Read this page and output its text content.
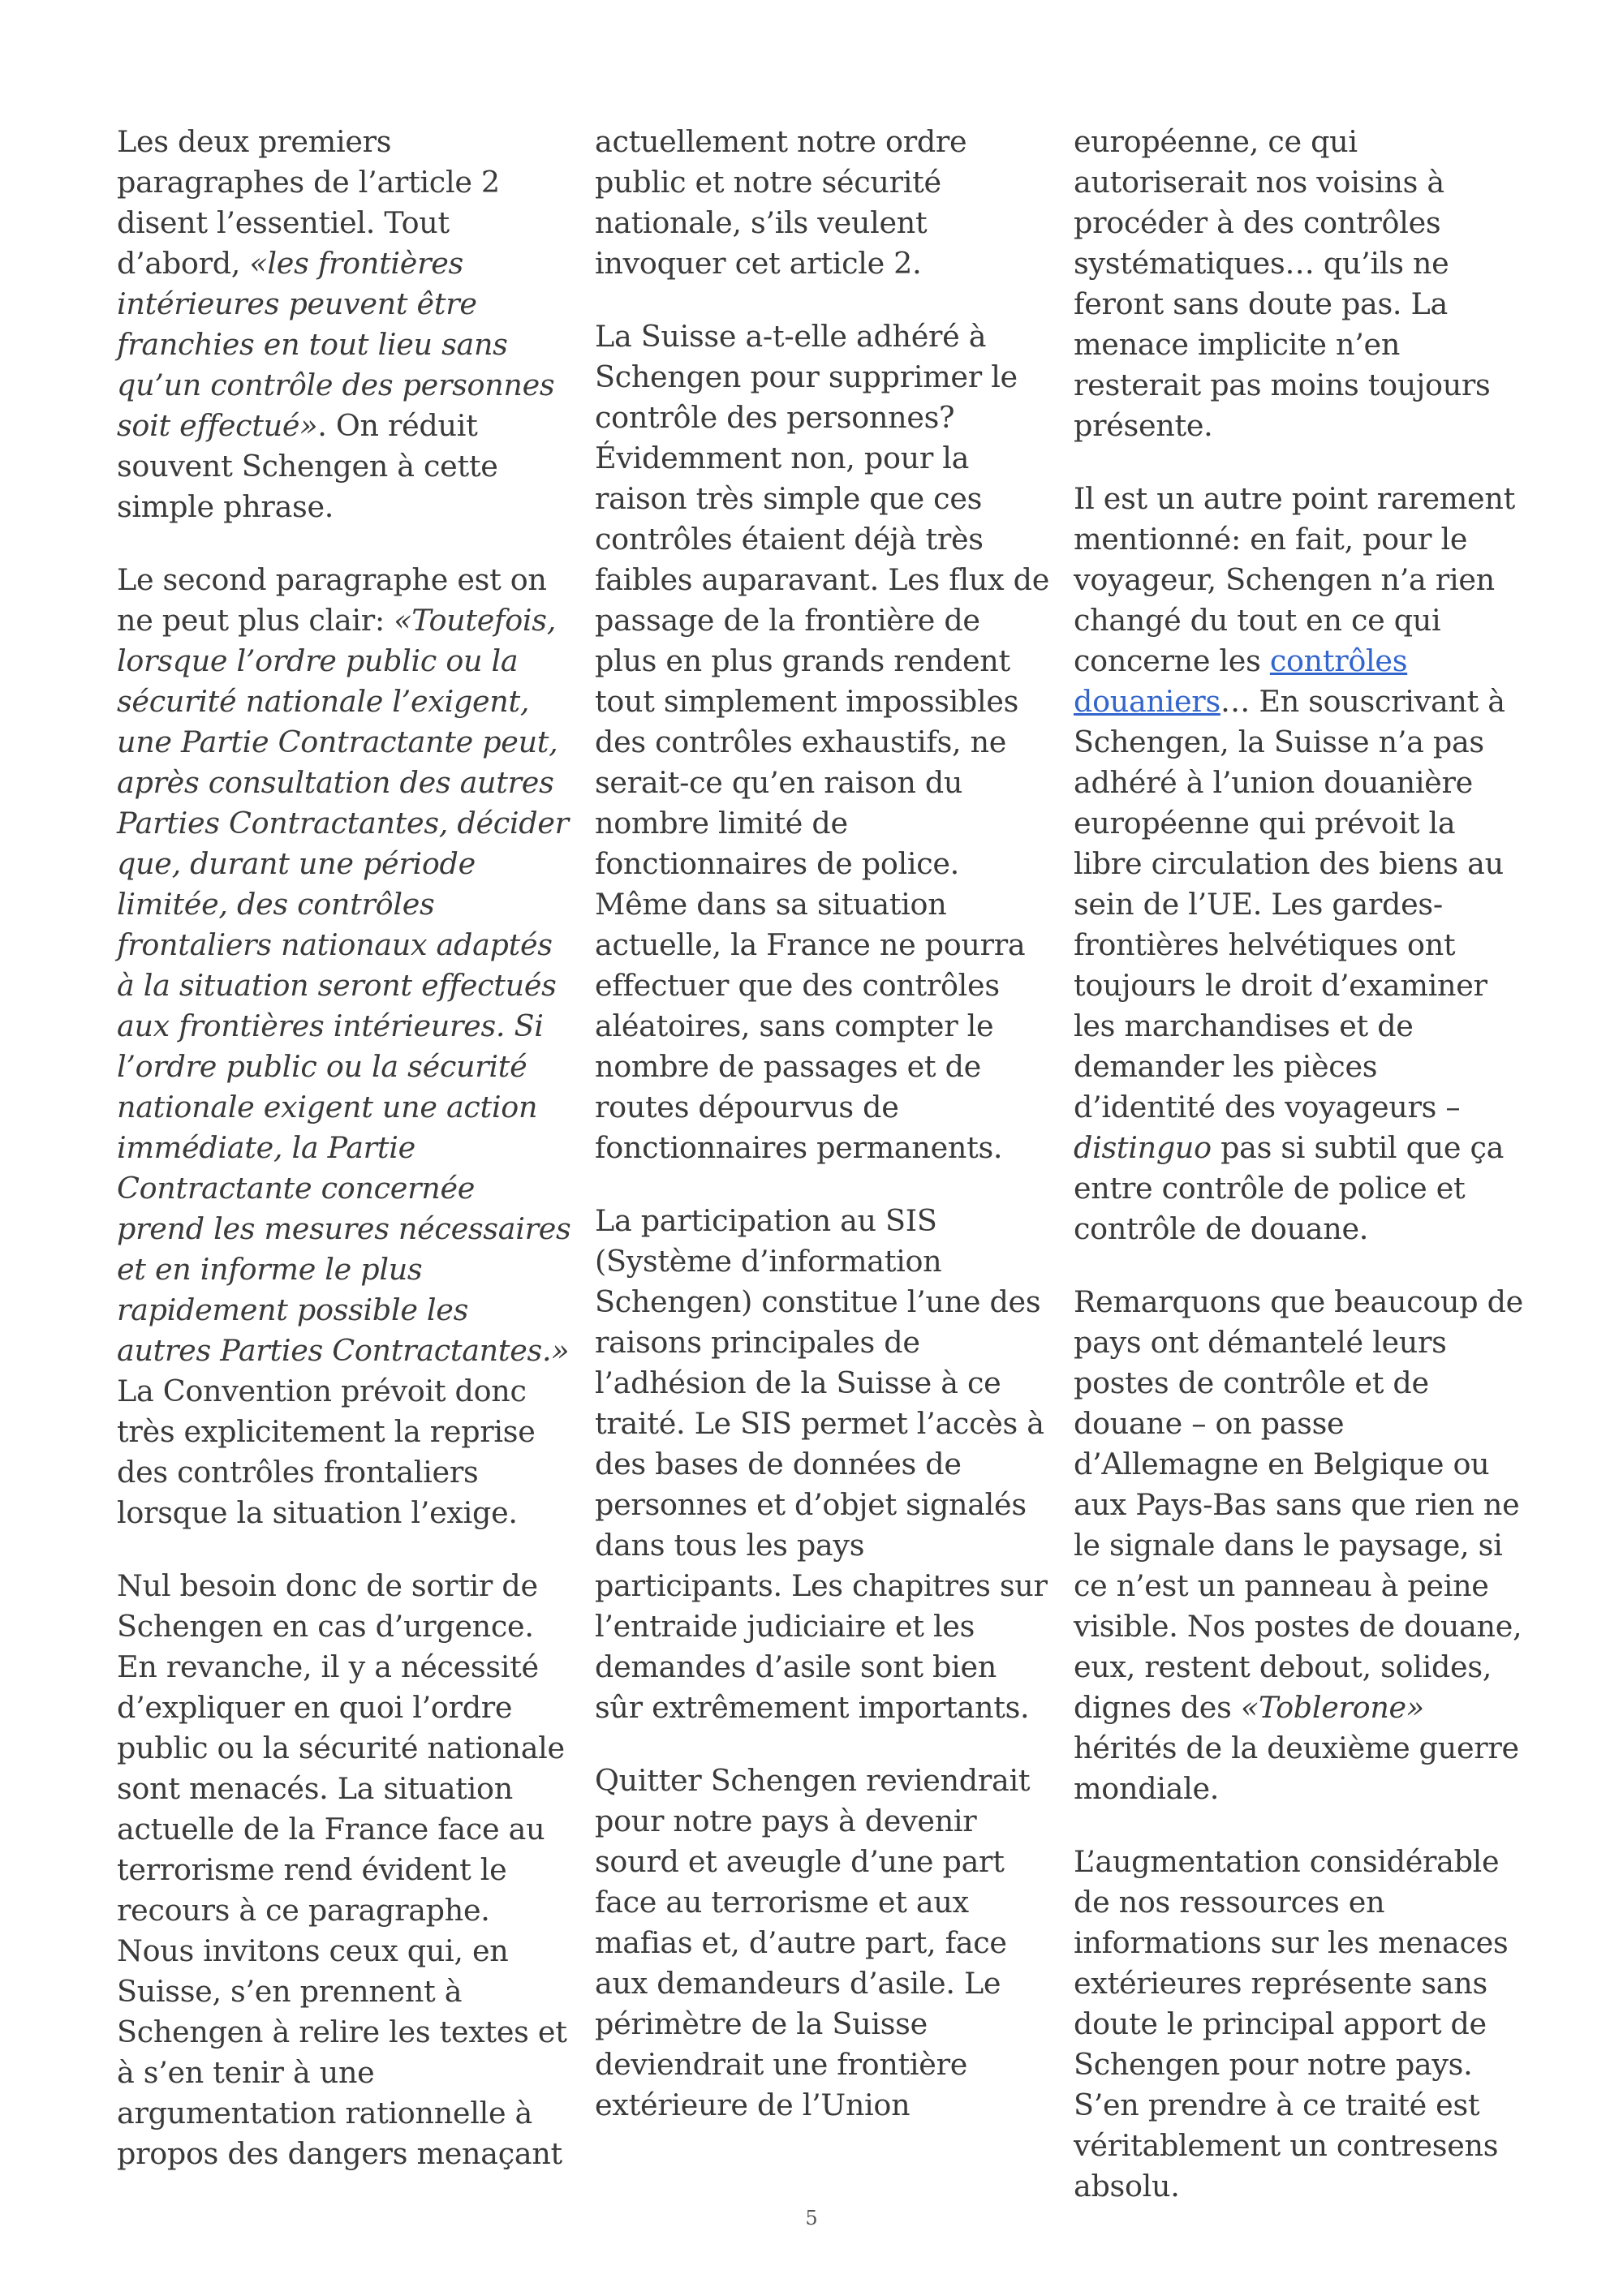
Les deux premiers paragraphes de l’article 2 disent l’essentiel. Tout d’abord, «les frontières intérieures peuvent être franchies en tout lieu sans qu’un contrôle des personnes soit effectué». On réduit souvent Schengen à cette simple phrase.

Le second paragraphe est on ne peut plus clair: «Toutefois, lorsque l’ordre public ou la sécurité nationale l’exigent, une Partie Contractante peut, après consultation des autres Parties Contractantes, décider que, durant une période limitée, des contrôles frontaliers nationaux adaptés à la situation seront effectués aux frontières intérieures. Si l’ordre public ou la sécurité nationale exigent une action immédiate, la Partie Contractante concernée prend les mesures nécessaires et en informe le plus rapidement possible les autres Parties Contractantes.» La Convention prévoit donc très explicitement la reprise des contrôles frontaliers lorsque la situation l’exige.

Nul besoin donc de sortir de Schengen en cas d’urgence. En revanche, il y a nécessité d’expliquer en quoi l’ordre public ou la sécurité nationale sont menacés. La situation actuelle de la France face au terrorisme rend évident le recours à ce paragraphe. Nous invitons ceux qui, en Suisse, s’en prennent à Schengen à relire les textes et à s’en tenir à une argumentation rationnelle à propos des dangers menaçant

actuellement notre ordre public et notre sécurité nationale, s’ils veulent invoquer cet article 2.

La Suisse a-t-elle adhéré à Schengen pour supprimer le contrôle des personnes? Évidemment non, pour la raison très simple que ces contrôles étaient déjà très faibles auparavant. Les flux de passage de la frontière de plus en plus grands rendent tout simplement impossibles des contrôles exhaustifs, ne serait-ce qu’en raison du nombre limité de fonctionnaires de police. Même dans sa situation actuelle, la France ne pourra effectuer que des contrôles aléatoires, sans compter le nombre de passages et de routes dépourvus de fonctionnaires permanents.

La participation au SIS (Système d’information Schengen) constitue l’une des raisons principales de l’adhésion de la Suisse à ce traité. Le SIS permet l’accès à des bases de données de personnes et d’objet signalés dans tous les pays participants. Les chapitres sur l’entraide judiciaire et les demandes d’asile sont bien sûr extrêmement importants.

Quitter Schengen reviendrait pour notre pays à devenir sourd et aveugle d’une part face au terrorisme et aux mafias et, d’autre part, face aux demandeurs d’asile. Le périmètre de la Suisse deviendrait une frontière extérieure de l’Union

européenne, ce qui autoriserait nos voisins à procéder à des contrôles systématiques… qu’ils ne feront sans doute pas. La menace implicite n’en resterait pas moins toujours présente.

Il est un autre point rarement mentionné: en fait, pour le voyageur, Schengen n’a rien changé du tout en ce qui concerne les contrôles douaniers… En souscrivant à Schengen, la Suisse n’a pas adhéré à l’union douanière européenne qui prévoit la libre circulation des biens au sein de l’UE. Les gardes-frontières helvétiques ont toujours le droit d’examiner les marchandises et de demander les pièces d’identité des voyageurs – distinguo pas si subtil que ça entre contrôle de police et contrôle de douane.

Remarquons que beaucoup de pays ont démantelé leurs postes de contrôle et de douane – on passe d’Allemagne en Belgique ou aux Pays-Bas sans que rien ne le signale dans le paysage, si ce n’est un panneau à peine visible. Nos postes de douane, eux, restent debout, solides, dignes des «Toblerone» hérités de la deuxième guerre mondiale.

L’augmentation considérable de nos ressources en informations sur les menaces extérieures représente sans doute le principal apport de Schengen pour notre pays. S’en prendre à ce traité est véritablement un contresens absolu.

5
